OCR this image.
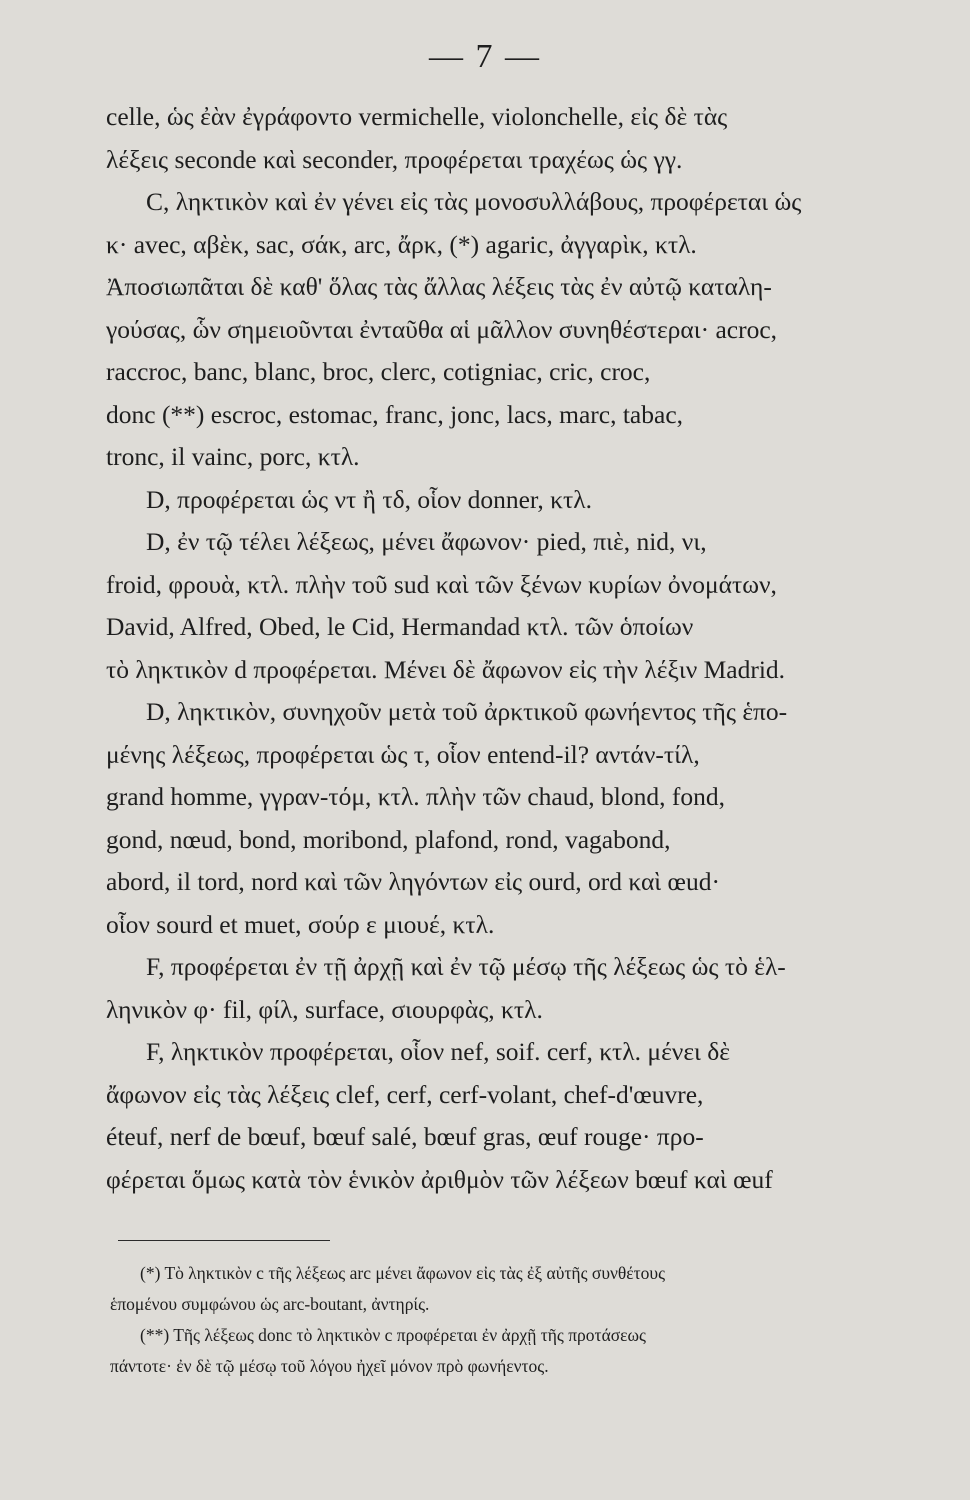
— 7 —
celle, ὡς ἐὰν ἐγράφοντο vermichelle, violonchelle, εἰς δὲ τὰς
λέξεις seconde καὶ seconder, προφέρεται τραχέως ὡς γγ.
C, ληκτικὸν καὶ ἐν γένει εἰς τὰς μονοσυλλάβους, προφέρεται ὡς
κ· avec, αβὲκ, sac, σάκ, arc, ἄρκ, (*) agaric, ἀγγαρὶκ, κτλ.
Ἀποσιωπᾶται δὲ καθ' ὅλας τὰς ἄλλας λέξεις τὰς ἐν αὐτῷ καταλη-
γούσας, ὧν σημειοῦνται ἐνταῦθα αἱ μᾶλλον συνηθέστεραι· acroc,
raccroc, banc, blanc, broc, clerc, cotigniac, cric, croc,
donc (**) escroc, estomac, franc, jonc, lacs, marc, tabac,
tronc, il vainc, porc, κτλ.
D, προφέρεται ὡς ντ ἢ τδ, οἷον donner, κτλ.
D, ἐν τῷ τέλει λέξεως, μένει ἄφωνον· pied, πιὲ, nid, νι,
froid, φρουὰ, κτλ. πλὴν τοῦ sud καὶ τῶν ξένων κυρίων ὀνομάτων,
David, Alfred, Obed, le Cid, Hermandad κτλ. τῶν ὁποίων
τὸ ληκτικὸν d προφέρεται. Μένει δὲ ἄφωνον εἰς τὴν λέξιν Madrid.
D, ληκτικὸν, συνηχοῦν μετὰ τοῦ ἀρκτικοῦ φωνήεντος τῆς ἑπο-
μένης λέξεως, προφέρεται ὡς τ, οἷον entend-il? αντάν-τίλ,
grand homme, γγραν-τόμ, κτλ. πλὴν τῶν chaud, blond, fond,
gond, nœud, bond, moribond, plafond, rond, vagabond,
abord, il tord, nord καὶ τῶν ληγόντων εἰς ourd, ord καὶ œud·
οἷον sourd et muet, σούρ ε μιουέ, κτλ.
F, προφέρεται ἐν τῇ ἀρχῇ καὶ ἐν τῷ μέσῳ τῆς λέξεως ὡς τὸ ἑλ-
ληνικὸν φ· fil, φίλ, surface, σιουρφὰς, κτλ.
F, ληκτικὸν προφέρεται, οἷον nef, soif. cerf, κτλ. μένει δὲ
ἄφωνον εἰς τὰς λέξεις clef, cerf, cerf-volant, chef-d'œuvre,
éteuf, nerf de bœuf, bœuf salé, bœuf gras, œuf rouge· προ-
φέρεται ὅμως κατὰ τὸν ἑνικὸν ἀριθμὸν τῶν λέξεων bœuf καὶ œuf
(*) Τὸ ληκτικὸν c τῆς λέξεως arc μένει ἄφωνον εἰς τὰς ἐξ αὐτῆς συνθέτους
ἑπομένου συμφώνου ὡς arc-boutant, ἀντηρίς.
(**) Τῆς λέξεως donc τὸ ληκτικὸν c προφέρεται ἐν ἀρχῇ τῆς προτάσεως
πάντοτε· ἐν δὲ τῷ μέσῳ τοῦ λόγου ἠχεῖ μόνον πρὸ φωνήεντος.
